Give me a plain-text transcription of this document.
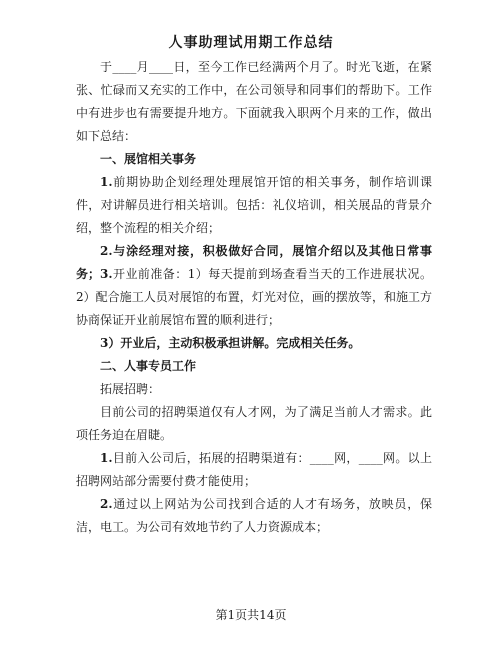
人事助理试用期工作总结
于____月____日，至今工作已经满两个月了。时光飞逝，在紧张、忙碌而又充实的工作中，在公司领导和同事们的帮助下。工作中有进步也有需要提升地方。下面就我入职两个月来的工作，做出如下总结：
一、展馆相关事务
1.前期协助企划经理处理展馆开馆的相关事务，制作培训课件，对讲解员进行相关培训。包括：礼仪培训，相关展品的背景介绍，整个流程的相关介绍；
2.与涂经理对接，积极做好合同，展馆介绍以及其他日常事务； 3.开业前准备：1）每天提前到场查看当天的工作进展状况。2）配合施工人员对展馆的布置，灯光对位，画的摆放等，和施工方协商保证开业前展馆布置的顺利进行；
3）开业后，主动积极承担讲解。完成相关任务。
二、人事专员工作
拓展招聘：
目前公司的招聘渠道仅有人才网，为了满足当前人才需求。此项任务迫在眉睫。
1.目前入公司后，拓展的招聘渠道有：____网，____网。以上招聘网站部分需要付费才能使用；
2.通过以上网站为公司找到合适的人才有场务，放映员，保洁，电工。为公司有效地节约了人力资源成本；
第1页共14页
